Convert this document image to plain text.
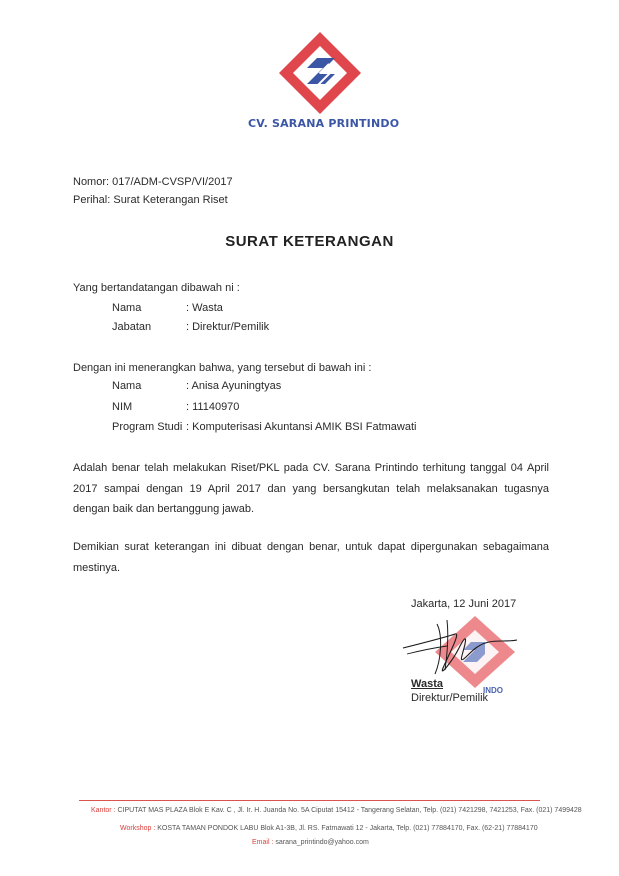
CV. SARANA PRINTINDO
Nomor: 017/ADM-CVSP/VI/2017
Perihal: Surat Keterangan Riset
SURAT KETERANGAN
Yang bertandatangan dibawah ni :
Nama	: Wasta
Jabatan	: Direktur/Pemilik
Dengan ini menerangkan bahwa, yang tersebut di bawah ini :
Nama	: Anisa Ayuningtyas
NIM	: 11140970
Program Studi : Komputerisasi Akuntansi AMIK BSI Fatmawati
Adalah benar telah melakukan Riset/PKL pada CV. Sarana Printindo terhitung tanggal 04 April 2017 sampai dengan 19 April 2017 dan yang bersangkutan telah melaksanakan tugasnya dengan baik dan bertanggung jawab.
Demikian surat keterangan ini dibuat dengan benar, untuk dapat dipergunakan sebagaimana mestinya.
Jakarta, 12 Juni 2017
Wasta
Direktur/Pemilik
INDO
Kantor : CIPUTAT MAS PLAZA Blok E Kav. C , Jl. Ir. H. Juanda No. 5A Ciputat 15412 - Tangerang Selatan, Telp. (021) 7421298, 7421253, Fax. (021) 7499428
Workshop : KOSTA TAMAN PONDOK LABU Blok A1-3B, Jl. RS. Fatmawati 12 - Jakarta, Telp. (021) 77884170, Fax. (62-21) 77884170
Email : sarana_printindo@yahoo.com
